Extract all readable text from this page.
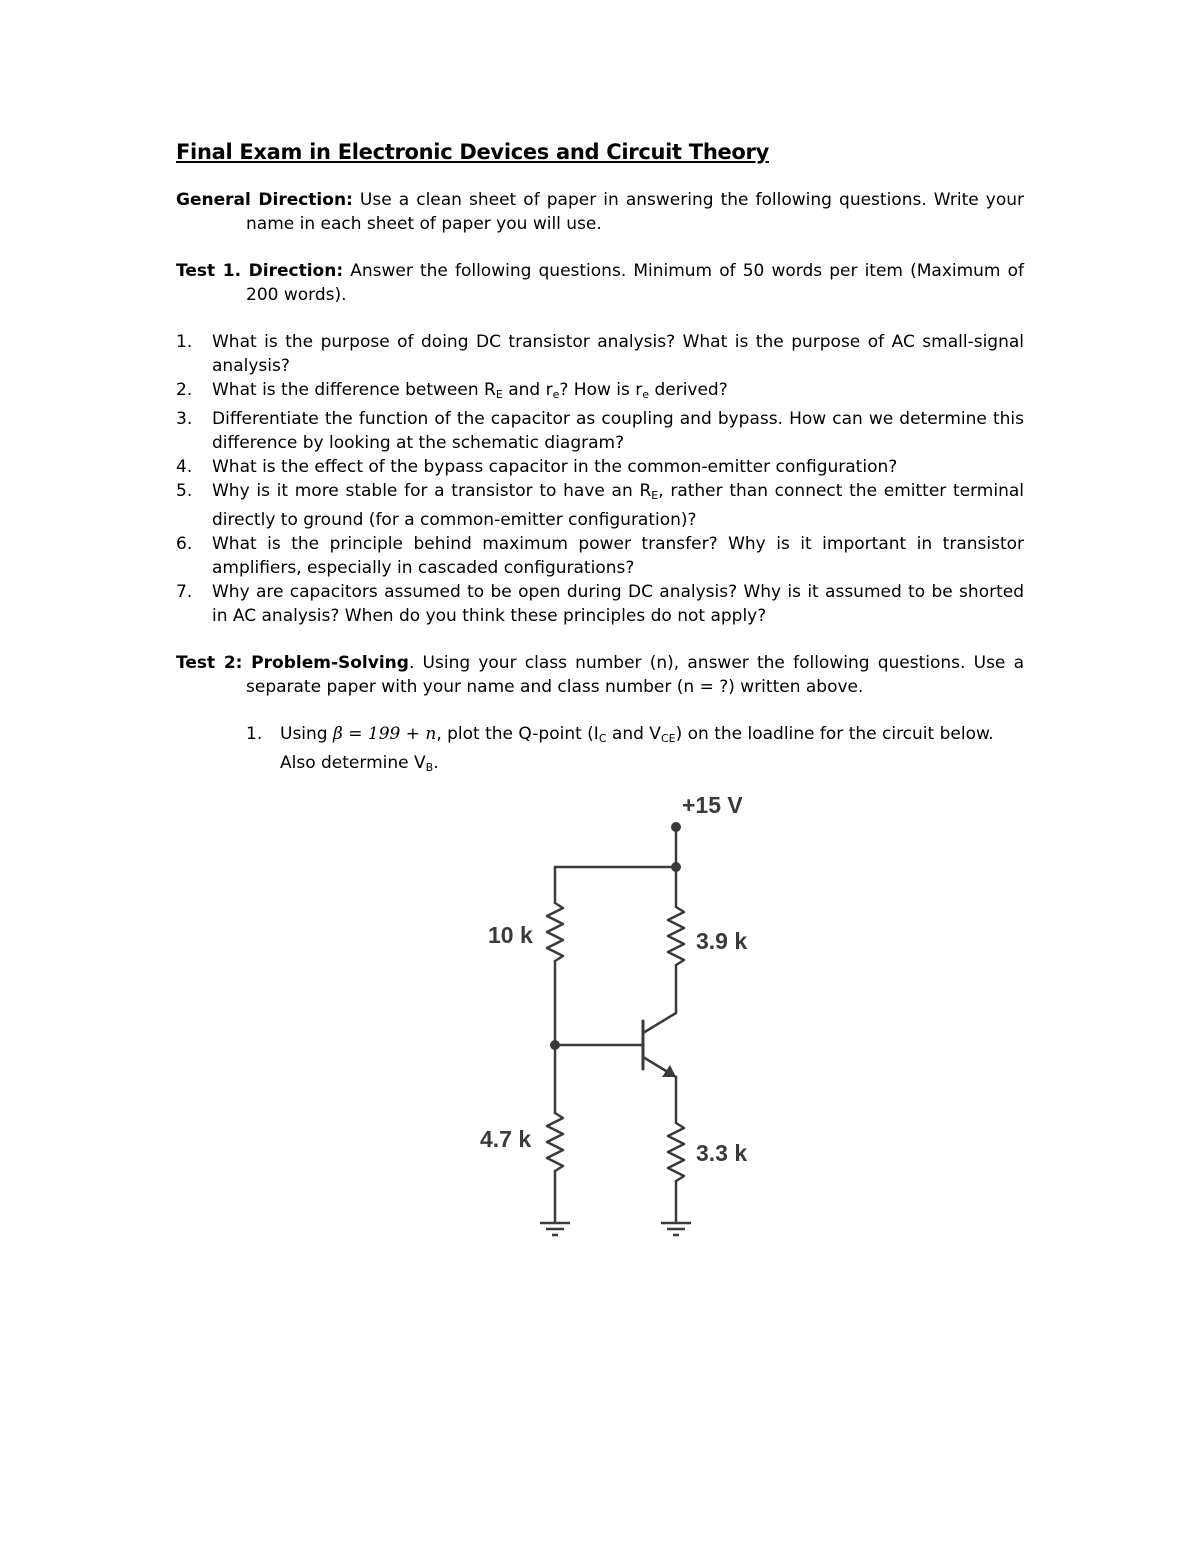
Final Exam in Electronic Devices and Circuit Theory
General Direction: Use a clean sheet of paper in answering the following questions. Write your name in each sheet of paper you will use.
Test 1. Direction: Answer the following questions. Minimum of 50 words per item (Maximum of 200 words).
1. What is the purpose of doing DC transistor analysis? What is the purpose of AC small-signal analysis?
2. What is the difference between $R_E$ and $r_e$? How is $r_e$ derived?
3. Differentiate the function of the capacitor as coupling and bypass. How can we determine this difference by looking at the schematic diagram?
4. What is the effect of the bypass capacitor in the common-emitter configuration?
5. Why is it more stable for a transistor to have an $R_E$, rather than connect the emitter terminal directly to ground (for a common-emitter configuration)?
6. What is the principle behind maximum power transfer? Why is it important in transistor amplifiers, especially in cascaded configurations?
7. Why are capacitors assumed to be open during DC analysis? Why is it assumed to be shorted in AC analysis? When do you think these principles do not apply?
Test 2: Problem-Solving. Using your class number (n), answer the following questions. Use a separate paper with your name and class number (n = ?) written above.
1. Using β = 199 + n, plot the Q-point ($I_C$ and $V_{CE}$) on the loadline for the circuit below. Also determine $V_B$.
+15 V
10 k
4.7 k
3.9 k
3.3 k
